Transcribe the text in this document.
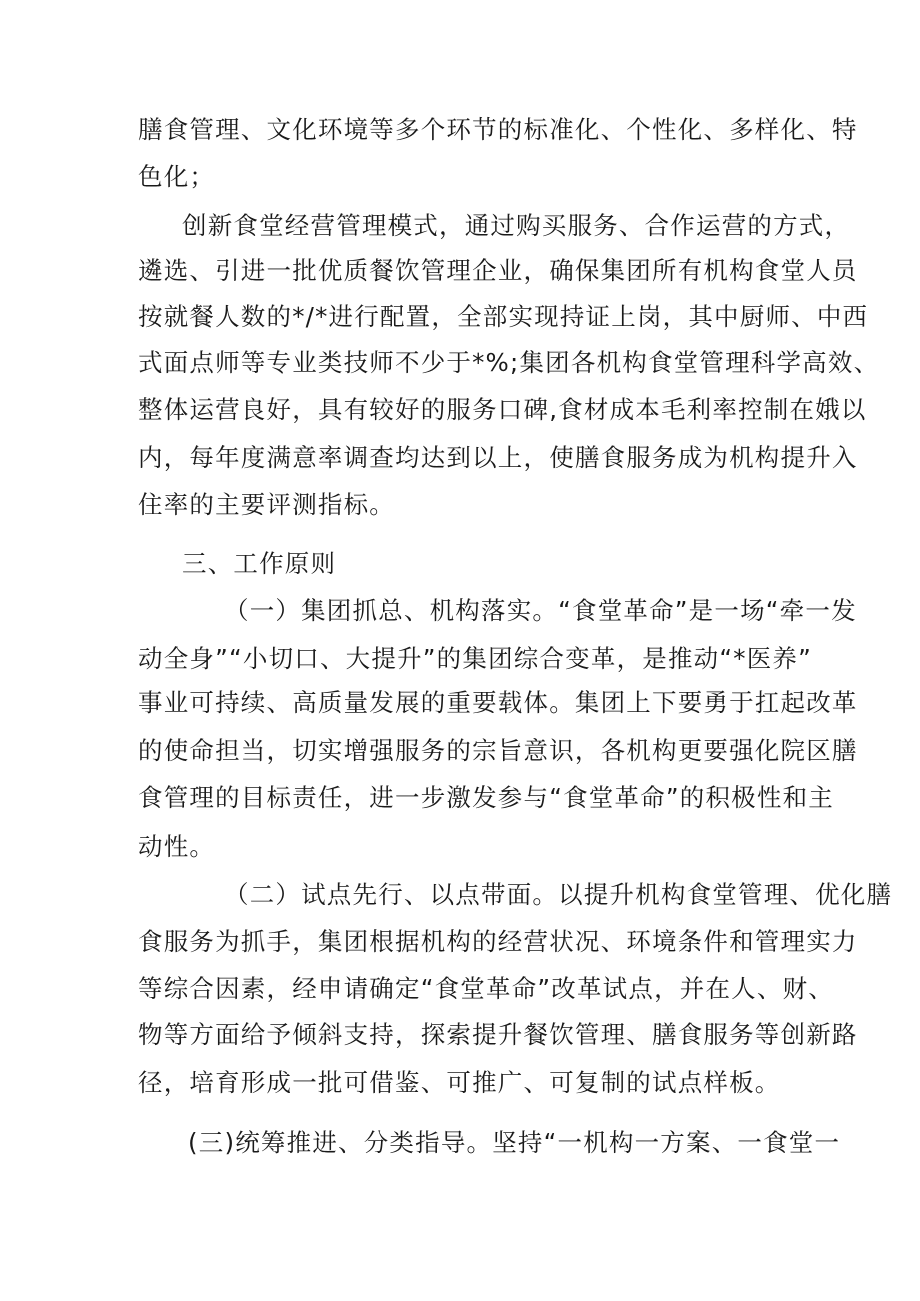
膳食管理、文化环境等多个环节的标准化、个性化、多样化、特
色化；
创新食堂经营管理模式，通过购买服务、合作运营的方式，
遴选、引进一批优质餐饮管理企业，确保集团所有机构食堂人员
按就餐人数的*/*进行配置，全部实现持证上岗，其中厨师、中西
式面点师等专业类技师不少于*%;集团各机构食堂管理科学高效、
整体运营良好，具有较好的服务口碑,食材成本毛利率控制在娥以
内，每年度满意率调查均达到以上，使膳食服务成为机构提升入
住率的主要评测指标。
三、工作原则
（一）集团抓总、机构落实。“食堂革命”是一场“牵一发
动全身”“小切口、大提升”的集团综合变革，是推动“*医养”
事业可持续、高质量发展的重要载体。集团上下要勇于扛起改革
的使命担当，切实增强服务的宗旨意识，各机构更要强化院区膳
食管理的目标责任，进一步激发参与“食堂革命”的积极性和主
动性。
（二）试点先行、以点带面。以提升机构食堂管理、优化膳
食服务为抓手，集团根据机构的经营状况、环境条件和管理实力
等综合因素，经申请确定“食堂革命”改革试点，并在人、财、
物等方面给予倾斜支持，探索提升餐饮管理、膳食服务等创新路
径，培育形成一批可借鉴、可推广、可复制的试点样板。
(三)统筹推进、分类指导。坚持“一机构一方案、一食堂一
